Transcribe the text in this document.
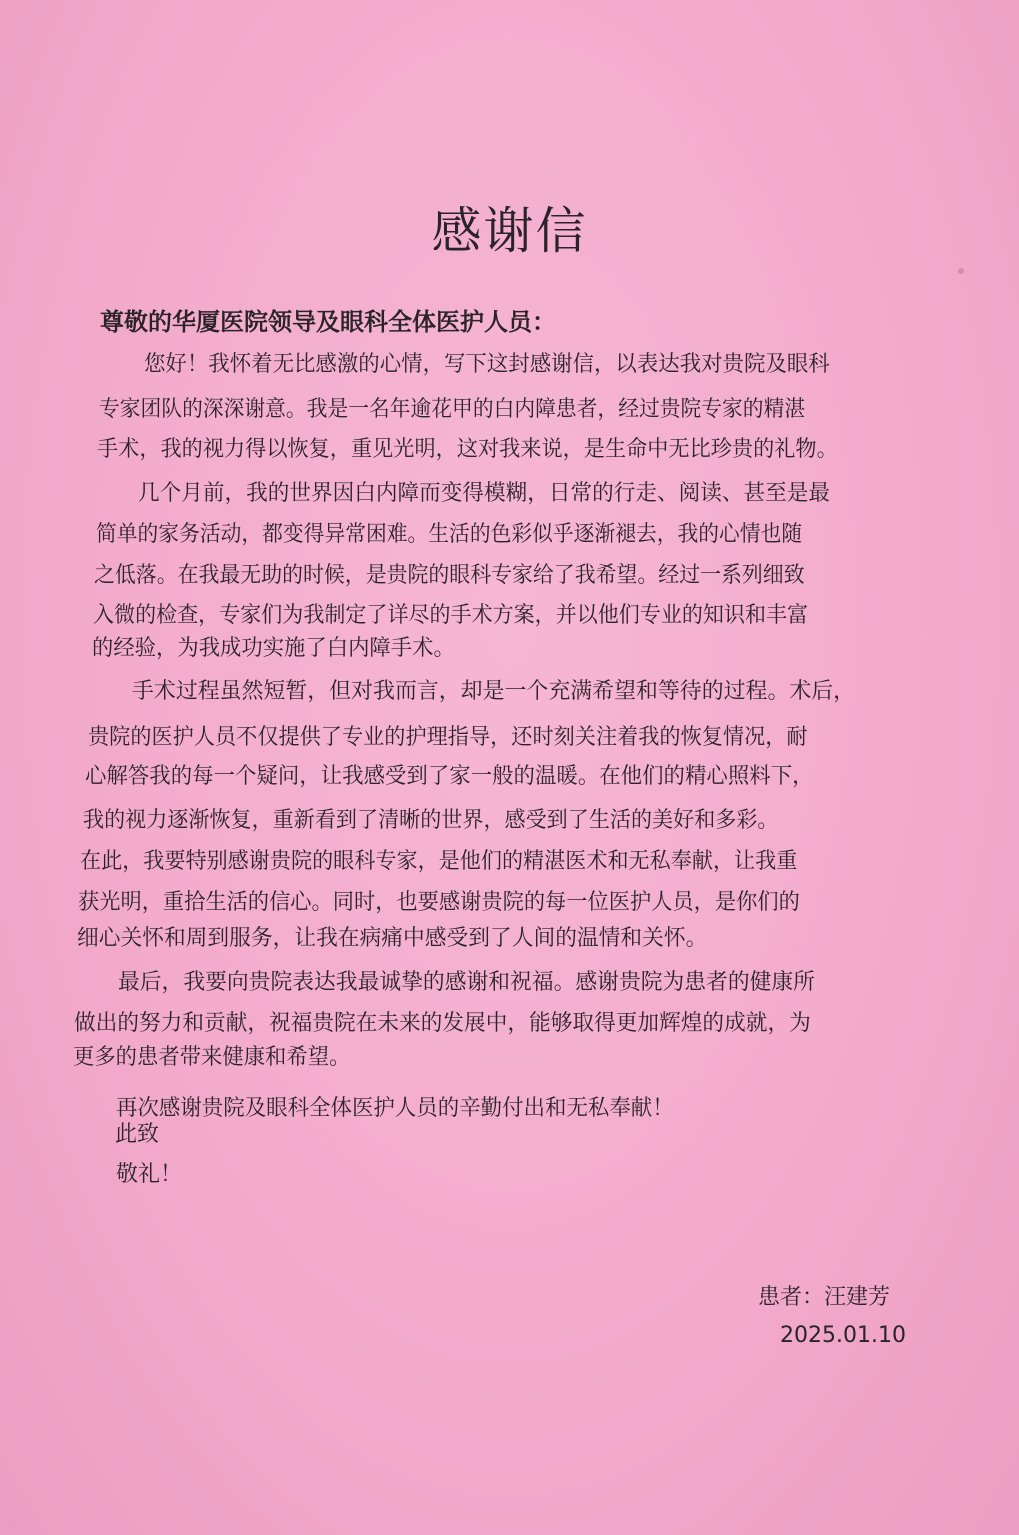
感谢信
尊敬的华厦医院领导及眼科全体医护人员：
您好！我怀着无比感激的心情，写下这封感谢信，以表达我对贵院及眼科
专家团队的深深谢意。我是一名年逾花甲的白内障患者，经过贵院专家的精湛
手术，我的视力得以恢复，重见光明，这对我来说，是生命中无比珍贵的礼物。
几个月前，我的世界因白内障而变得模糊，日常的行走、阅读、甚至是最
简单的家务活动，都变得异常困难。生活的色彩似乎逐渐褪去，我的心情也随
之低落。在我最无助的时候，是贵院的眼科专家给了我希望。经过一系列细致
入微的检查，专家们为我制定了详尽的手术方案，并以他们专业的知识和丰富
的经验，为我成功实施了白内障手术。
手术过程虽然短暂，但对我而言，却是一个充满希望和等待的过程。术后，
贵院的医护人员不仅提供了专业的护理指导，还时刻关注着我的恢复情况，耐
心解答我的每一个疑问，让我感受到了家一般的温暖。在他们的精心照料下，
我的视力逐渐恢复，重新看到了清晰的世界，感受到了生活的美好和多彩。
在此，我要特别感谢贵院的眼科专家，是他们的精湛医术和无私奉献，让我重
获光明，重拾生活的信心。同时，也要感谢贵院的每一位医护人员，是你们的
细心关怀和周到服务，让我在病痛中感受到了人间的温情和关怀。
最后，我要向贵院表达我最诚挚的感谢和祝福。感谢贵院为患者的健康所
做出的努力和贡献，祝福贵院在未来的发展中，能够取得更加辉煌的成就，为
更多的患者带来健康和希望。
再次感谢贵院及眼科全体医护人员的辛勤付出和无私奉献！
此致
敬礼！
患者：汪建芳
2025.01.10
